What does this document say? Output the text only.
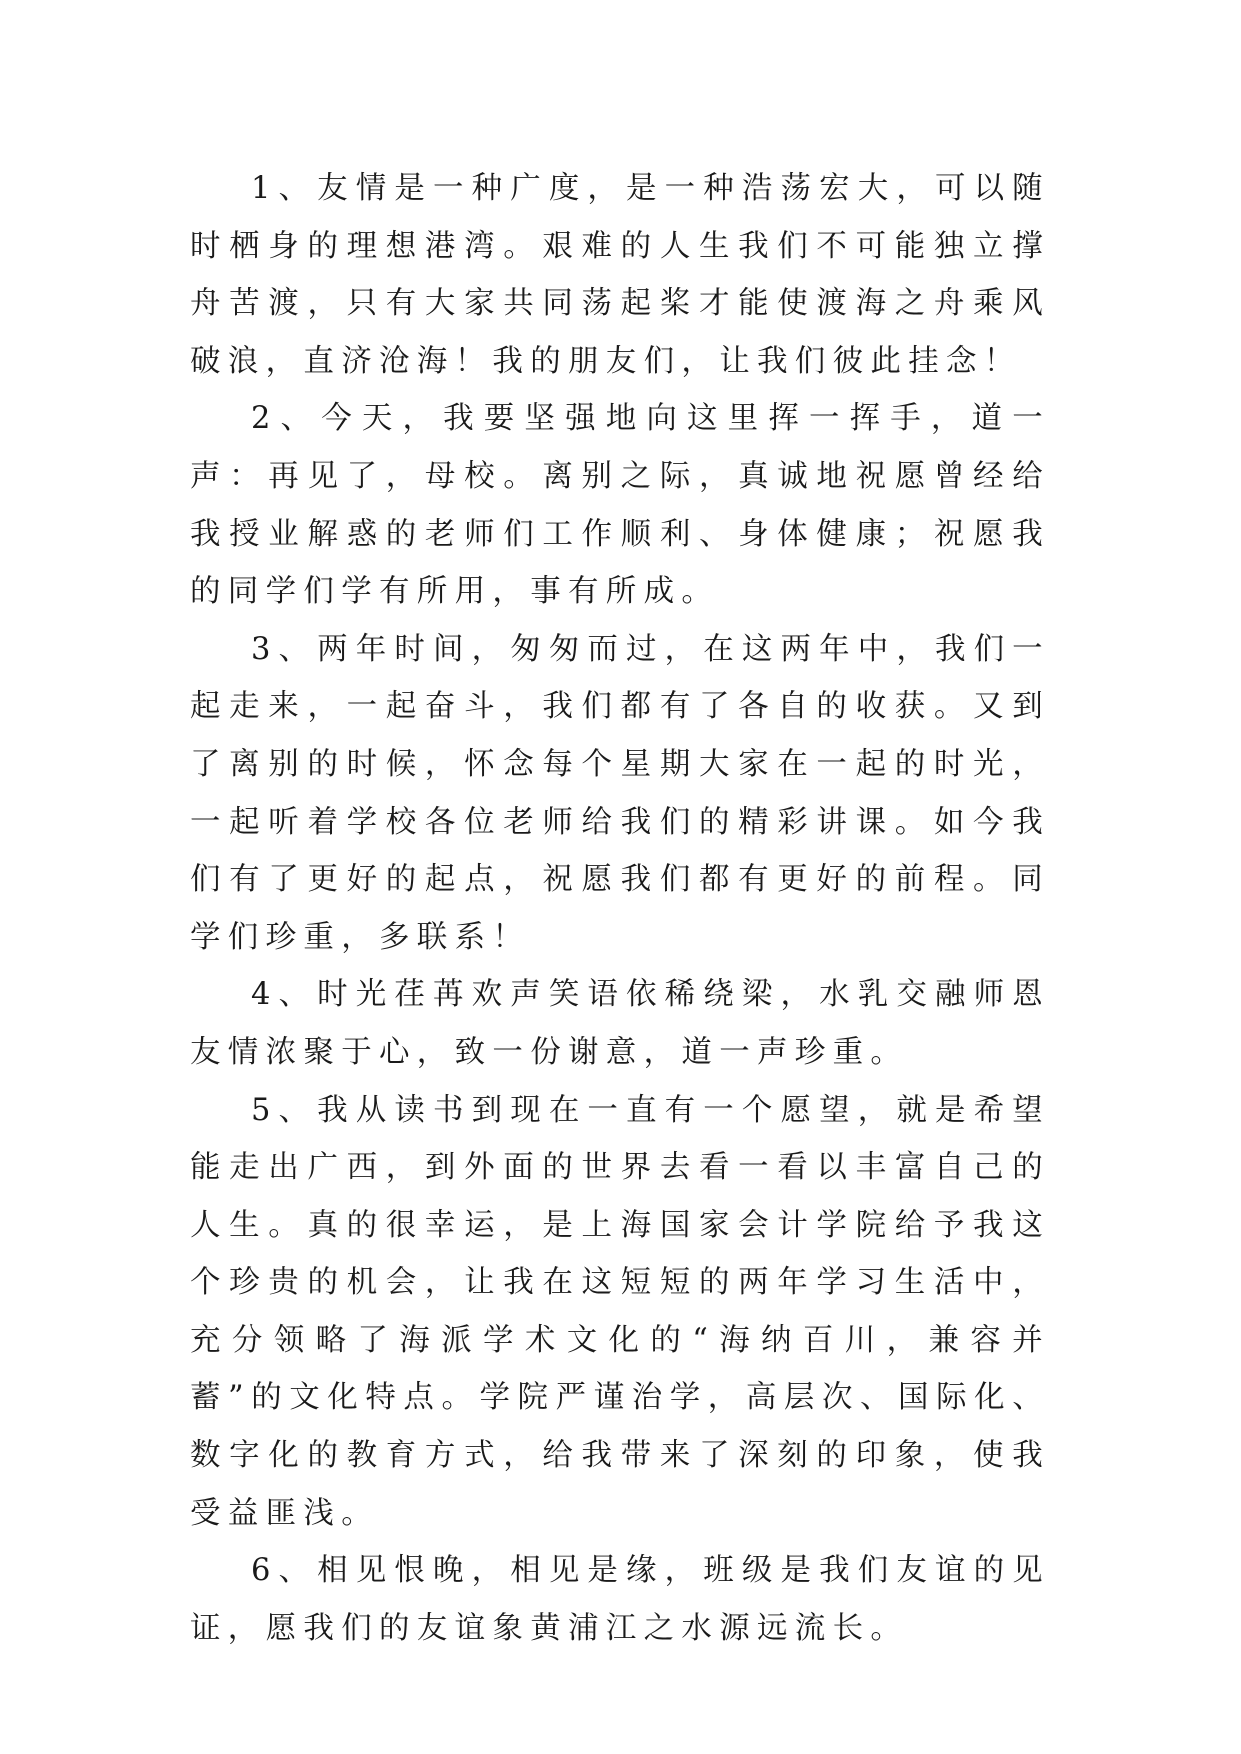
1、友情是一种广度，是一种浩荡宏大，可以随时栖身的理想港湾。艰难的人生我们不可能独立撑舟苦渡，只有大家共同荡起桨才能使渡海之舟乘风破浪，直济沧海！我的朋友们，让我们彼此挂念！

2、今天，我要坚强地向这里挥一挥手，道一声：再见了，母校。离别之际，真诚地祝愿曾经给我授业解惑的老师们工作顺利、身体健康；祝愿我的同学们学有所用，事有所成。

3、两年时间，匆匆而过，在这两年中，我们一起走来，一起奋斗，我们都有了各自的收获。又到了离别的时候，怀念每个星期大家在一起的时光，一起听着学校各位老师给我们的精彩讲课。如今我们有了更好的起点，祝愿我们都有更好的前程。同学们珍重，多联系！

4、时光荏苒欢声笑语依稀绕梁，水乳交融师恩友情浓聚于心，致一份谢意，道一声珍重。

5、我从读书到现在一直有一个愿望，就是希望能走出广西，到外面的世界去看一看以丰富自己的人生。真的很幸运，是上海国家会计学院给予我这个珍贵的机会，让我在这短短的两年学习生活中，充分领略了海派学术文化的“海纳百川，兼容并蓄”的文化特点。学院严谨治学，高层次、国际化、数字化的教育方式，给我带来了深刻的印象，使我受益匪浅。

6、相见恨晚，相见是缘，班级是我们友谊的见证，愿我们的友谊象黄浦江之水源远流长。
